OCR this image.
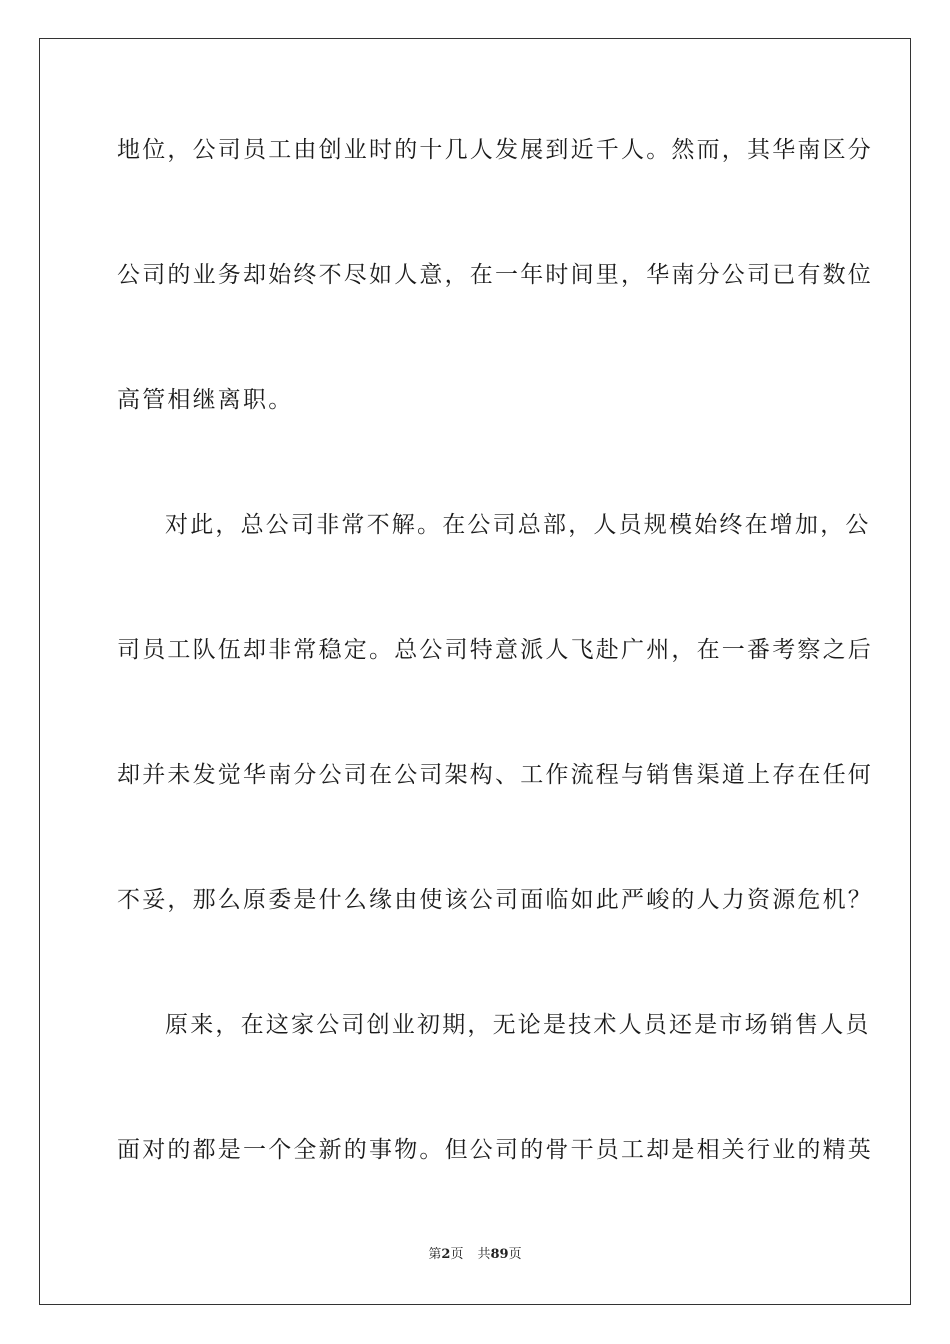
地位，公司员工由创业时的十几人发展到近千人。然而，其华南区分
公司的业务却始终不尽如人意，在一年时间里，华南分公司已有数位
高管相继离职。
对此，总公司非常不解。在公司总部，人员规模始终在增加，公
司员工队伍却非常稳定。总公司特意派人飞赴广州，在一番考察之后
却并未发觉华南分公司在公司架构、工作流程与销售渠道上存在任何
不妥，那么原委是什么缘由使该公司面临如此严峻的人力资源危机？
原来，在这家公司创业初期，无论是技术人员还是市场销售人员
面对的都是一个全新的事物。但公司的骨干员工却是相关行业的精英
第2页 共89页
